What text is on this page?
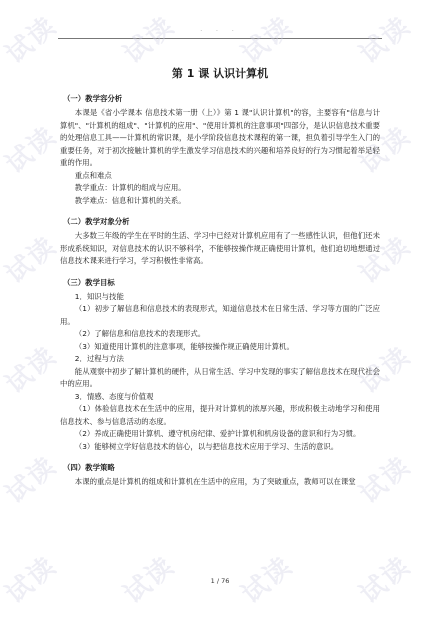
· · ·
试读 试读 试读 试读
试读	试读
试读	试读
试读	试读
试读	试读
试读 试读 试读 试读
第 1 课 认识计算机
（一）教学容分析

本课是《省小学课本 信息技术第一册（上）》第 1 课"认识计算机"的容，主要容有"信息与计算机"、"计算机的组成"、"计算机的应用"、"使用计算机的注意事项"四部分，是认识信息技术重要的处理信息工具——计算机的常识课，是小学阶段信息技术课程的第一课，担负着引导学生入门的重要任务，对于初次接触计算机的学生激发学习信息技术的兴趣和培养良好的行为习惯起着举足轻重的作用。

重点和难点

教学重点：计算机的组成与应用。

教学难点：信息和计算机的关系。

（二）教学对象分析

大多数三年级的学生在平时的生活、学习中已经对计算机应用有了一些感性认识，但他们还未形成系统知识，对信息技术的认识不够科学，不能够按操作规正确使用计算机，他们迫切地想通过信息技术课来进行学习，学习积极性非常高。

（三）教学目标

1．知识与技能

（1）初步了解信息和信息技术的表现形式，知道信息技术在日常生活、学习等方面的广泛应用。

（2）了解信息和信息技术的表现形式。

（3）知道使用计算机的注意事项，能够按操作规正确使用计算机。

2．过程与方法

能从观察中初步了解计算机的硬件，从日常生活、学习中发现的事实了解信息技术在现代社会中的应用。

3．情感、态度与价值观

（1）体验信息技术在生活中的应用，提升对计算机的浓厚兴趣，形成积极主动地学习和使用信息技术、参与信息活动的态度。

（2）养成正确使用计算机、遵守机房纪律、爱护计算机和机房设备的意识和行为习惯。

（3）能够树立学好信息技术的信心，以与把信息技术应用于学习、生活的意识。

（四）教学策略

本课的重点是计算机的组成和计算机在生活中的应用，为了突破重点，教师可以在课堂

1 / 76
